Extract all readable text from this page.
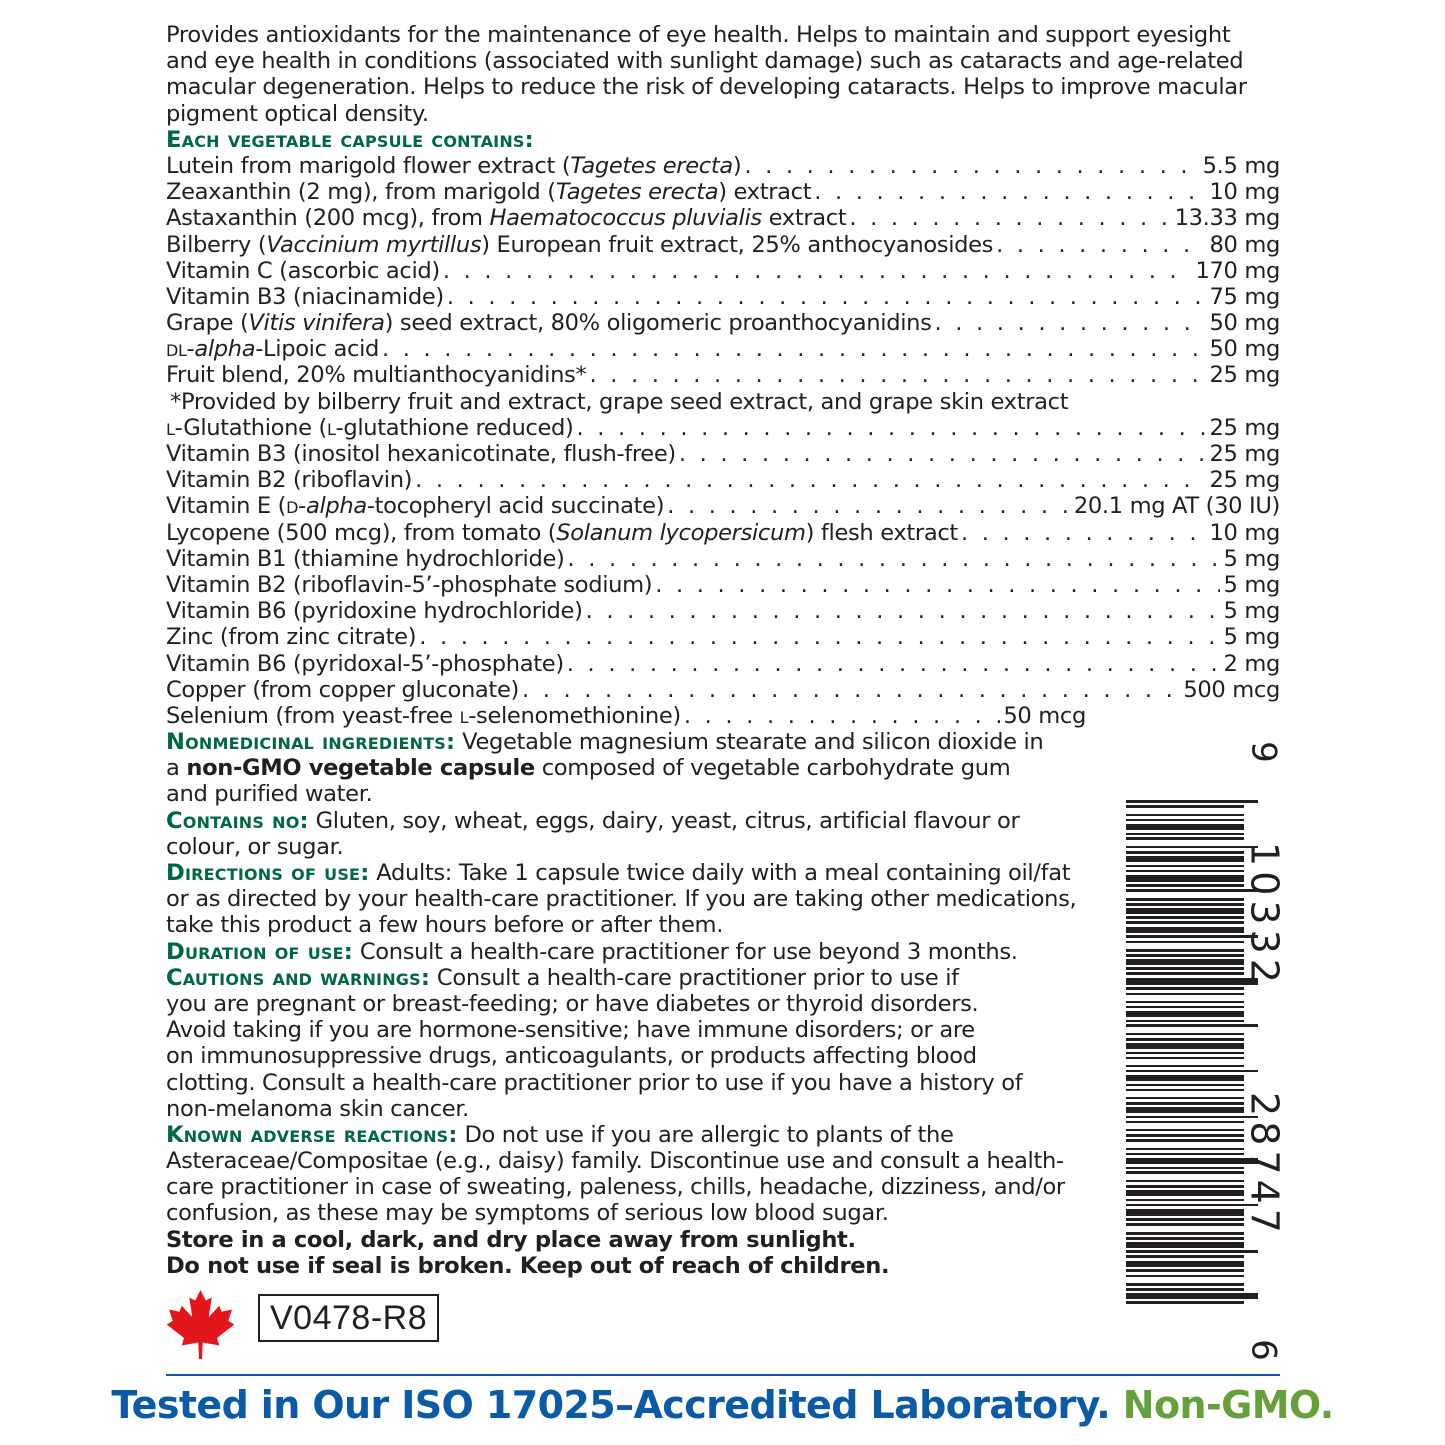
Provides antioxidants for the maintenance of eye health. Helps to maintain and support eyesight
and eye health in conditions (associated with sunlight damage) such as cataracts and age-related
macular degeneration. Helps to reduce the risk of developing cataracts. Helps to improve macular
pigment optical density.
Each vegetable capsule contains:
Lutein from marigold flower extract (Tagetes erecta) . . .	5.5 mg
Zeaxanthin (2 mg), from marigold (Tagetes erecta) extract . . .	10 mg
Astaxanthin (200 mcg), from Haematococcus pluvialis extract . . .	13.33 mg
Bilberry (Vaccinium myrtillus) European fruit extract, 25% anthocyanosides . . .	80 mg
Vitamin C (ascorbic acid) . . .	170 mg
Vitamin B3 (niacinamide) . . .	75 mg
Grape (Vitis vinifera) seed extract, 80% oligomeric proanthocyanidins . . .	50 mg
dl-alpha-Lipoic acid . . .	50 mg
Fruit blend, 20% multianthocyanidins* . . .	25 mg
*Provided by bilberry fruit and extract, grape seed extract, and grape skin extract
l-Glutathione (l-glutathione reduced) . . .	25 mg
Vitamin B3 (inositol hexanicotinate, flush-free) . . .	25 mg
Vitamin B2 (riboflavin) . . .	25 mg
Vitamin E (d-alpha-tocopheryl acid succinate) . . .	20.1 mg AT (30 IU)
Lycopene (500 mcg), from tomato (Solanum lycopersicum) flesh extract . . .	10 mg
Vitamin B1 (thiamine hydrochloride) . . .	5 mg
Vitamin B2 (riboflavin-5’-phosphate sodium) . . .	5 mg
Vitamin B6 (pyridoxine hydrochloride) . . .	5 mg
Zinc (from zinc citrate) . . .	5 mg
Vitamin B6 (pyridoxal-5’-phosphate) . . .	2 mg
Copper (from copper gluconate) . . .	500 mcg
Selenium (from yeast-free l-selenomethionine) . . .	50 mcg
Nonmedicinal ingredients: Vegetable magnesium stearate and silicon dioxide in
a non-GMO vegetable capsule composed of vegetable carbohydrate gum
and purified water.
Contains no: Gluten, soy, wheat, eggs, dairy, yeast, citrus, artificial flavour or
colour, or sugar.
Directions of use: Adults: Take 1 capsule twice daily with a meal containing oil/fat
or as directed by your health-care practitioner. If you are taking other medications,
take this product a few hours before or after them.
Duration of use: Consult a health-care practitioner for use beyond 3 months.
Cautions and warnings: Consult a health-care practitioner prior to use if
you are pregnant or breast-feeding; or have diabetes or thyroid disorders.
Avoid taking if you are hormone-sensitive; have immune disorders; or are
on immunosuppressive drugs, anticoagulants, or products affecting blood
clotting. Consult a health-care practitioner prior to use if you have a history of
non-melanoma skin cancer.
Known adverse reactions: Do not use if you are allergic to plants of the
Asteraceae/Compositae (e.g., daisy) family. Discontinue use and consult a health-
care practitioner in case of sweating, paleness, chills, headache, dizziness, and/or
confusion, as these may be symptoms of serious low blood sugar.
Store in a cool, dark, and dry place away from sunlight.
Do not use if seal is broken. Keep out of reach of children.
9
10332
28747
6
V0478-R8
Tested in Our ISO 17025–Accredited Laboratory. Non-GMO.
